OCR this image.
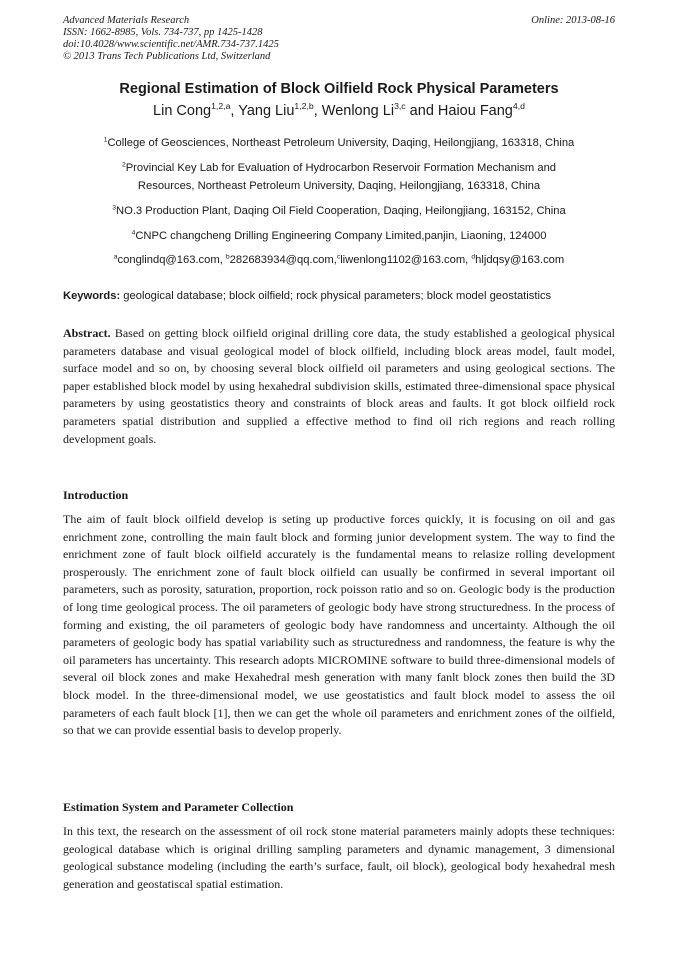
Advanced Materials Research
ISSN: 1662-8985, Vols. 734-737, pp 1425-1428
doi:10.4028/www.scientific.net/AMR.734-737.1425
© 2013 Trans Tech Publications Ltd, Switzerland
Online: 2013-08-16
Regional Estimation of Block Oilfield Rock Physical Parameters
Lin Cong$^{1,2,a}$, Yang Liu$^{1,2,b}$, Wenlong Li$^{3,c}$ and Haiou Fang$^{4,d}$
$^1$College of Geosciences, Northeast Petroleum University, Daqing, Heilongjiang, 163318, China
$^2$Provincial Key Lab for Evaluation of Hydrocarbon Reservoir Formation Mechanism and Resources, Northeast Petroleum University, Daqing, Heilongjiang, 163318, China
$^3$NO.3 Production Plant, Daqing Oil Field Cooperation, Daqing, Heilongjiang, 163152, China
$^4$CNPC changcheng Drilling Engineering Company Limited,panjin, Liaoning, 124000
$^a$conglindq@163.com, $^b$282683934@qq.com,$^c$liwenlong1102@163.com, $^d$hljdqsy@163.com
Keywords: geological database; block oilfield; rock physical parameters; block model geostatistics
Abstract. Based on getting block oilfield original drilling core data, the study established a geological physical parameters database and visual geological model of block oilfield, including block areas model, fault model, surface model and so on, by choosing several block oilfield oil parameters and using geological sections. The paper established block model by using hexahedral subdivision skills, estimated three-dimensional space physical parameters by using geostatistics theory and constraints of block areas and faults. It got block oilfield rock parameters spatial distribution and supplied a effective method to find oil rich regions and reach rolling development goals.
Introduction
The aim of fault block oilfield develop is seting up productive forces quickly, it is focusing on oil and gas enrichment zone, controlling the main fault block and forming junior development system. The way to find the enrichment zone of fault block oilfield accurately is the fundamental means to relasize rolling development prosperously. The enrichment zone of fault block oilfield can usually be confirmed in several important oil parameters, such as porosity, saturation, proportion, rock poisson ratio and so on. Geologic body is the production of long time geological process. The oil parameters of geologic body have strong structuredness. In the process of forming and existing, the oil parameters of geologic body have randomness and uncertainty. Although the oil parameters of geologic body has spatial variability such as structuredness and randomness, the feature is why the oil parameters has uncertainty. This research adopts MICROMINE software to build three-dimensional models of several oil block zones and make Hexahedral mesh generation with many fanlt block zones then build the 3D block model. In the three-dimensional model, we use geostatistics and fault block model to assess the oil parameters of each fault block [1], then we can get the whole oil parameters and enrichment zones of the oilfield, so that we can provide essential basis to develop properly.
Estimation System and Parameter Collection
In this text, the research on the assessment of oil rock stone material parameters mainly adopts these techniques: geological database which is original drilling sampling parameters and dynamic management, 3 dimensional geological substance modeling (including the earth’s surface, fault, oil block), geological body hexahedral mesh generation and geostatiscal spatial estimation.
